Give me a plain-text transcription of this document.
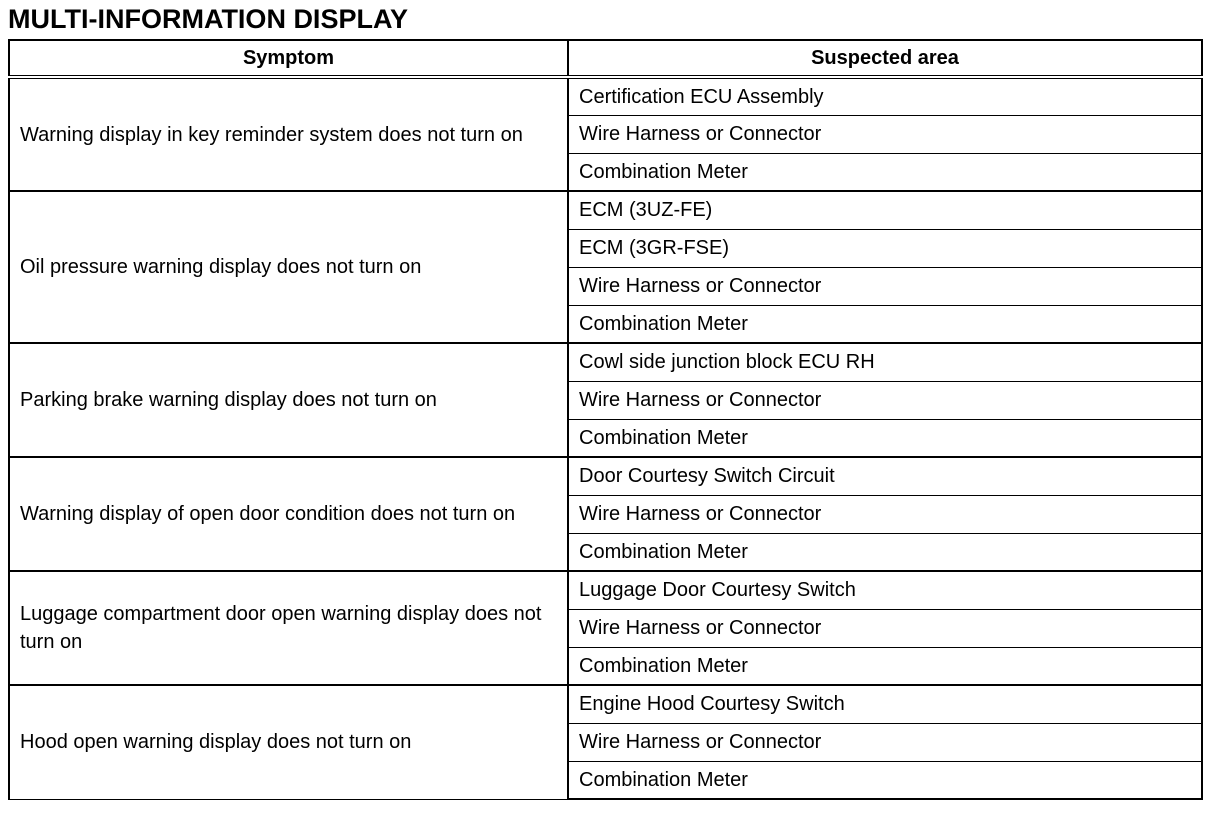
MULTI-INFORMATION DISPLAY
Symptom	Suspected area
Warning display in key reminder system does not turn on	Certification ECU Assembly
	Wire Harness or Connector
	Combination Meter
Oil pressure warning display does not turn on	ECM (3UZ-FE)
	ECM (3GR-FSE)
	Wire Harness or Connector
	Combination Meter
Parking brake warning display does not turn on	Cowl side junction block ECU RH
	Wire Harness or Connector
	Combination Meter
Warning display of open door condition does not turn on	Door Courtesy Switch Circuit
	Wire Harness or Connector
	Combination Meter
Luggage compartment door open warning display does not turn on	Luggage Door Courtesy Switch
	Wire Harness or Connector
	Combination Meter
Hood open warning display does not turn on	Engine Hood Courtesy Switch
	Wire Harness or Connector
	Combination Meter
